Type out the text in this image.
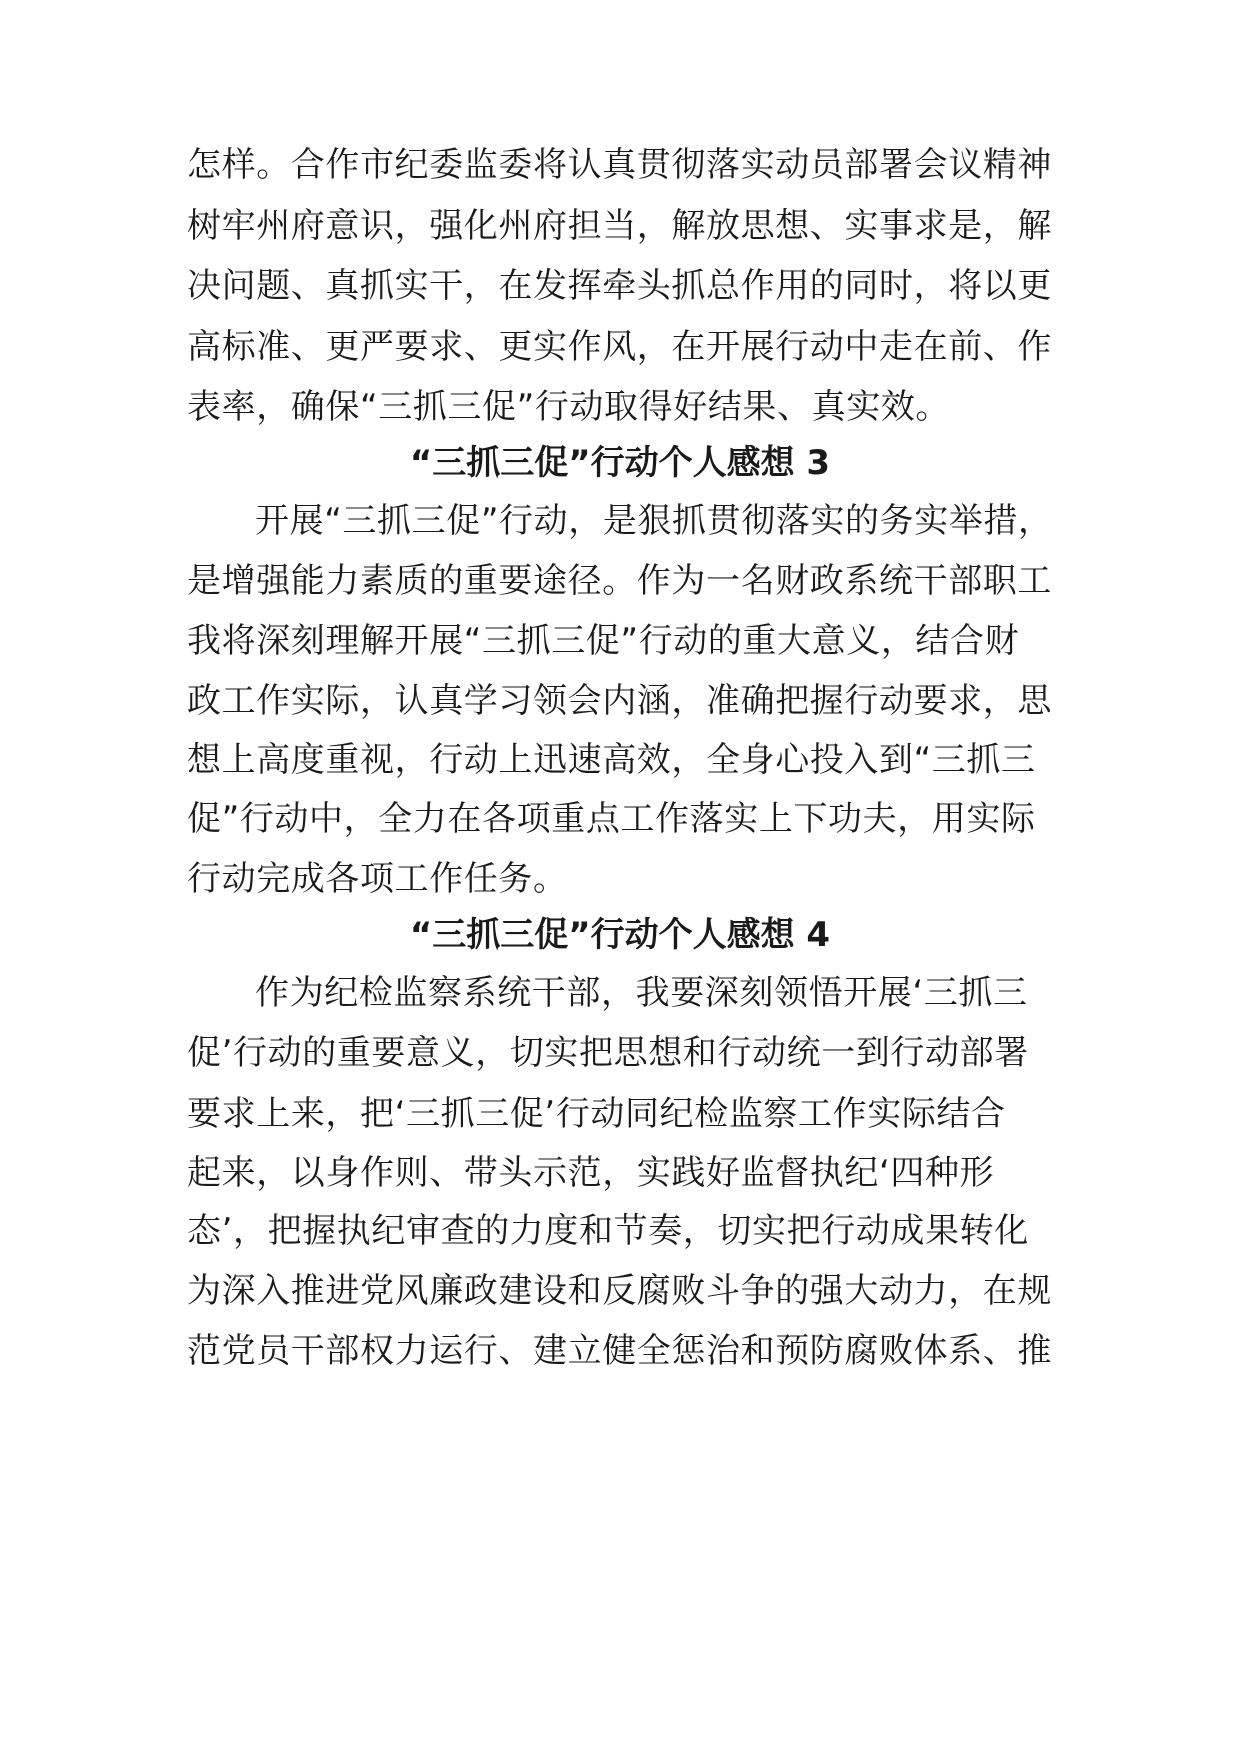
怎样。合作市纪委监委将认真贯彻落实动员部署会议精神
树牢州府意识，强化州府担当，解放思想、实事求是，解
决问题、真抓实干，在发挥牵头抓总作用的同时，将以更
高标准、更严要求、更实作风，在开展行动中走在前、作
表率，确保“三抓三促”行动取得好结果、真实效。
“三抓三促”行动个人感想 3
开展“三抓三促”行动，是狠抓贯彻落实的务实举措，
是增强能力素质的重要途径。作为一名财政系统干部职工
我将深刻理解开展“三抓三促”行动的重大意义，结合财
政工作实际，认真学习领会内涵，准确把握行动要求，思
想上高度重视，行动上迅速高效，全身心投入到“三抓三
促”行动中，全力在各项重点工作落实上下功夫，用实际
行动完成各项工作任务。
“三抓三促”行动个人感想 4
作为纪检监察系统干部，我要深刻领悟开展‘三抓三
促’行动的重要意义，切实把思想和行动统一到行动部署
要求上来，把‘三抓三促’行动同纪检监察工作实际结合
起来，以身作则、带头示范，实践好监督执纪‘四种形
态’，把握执纪审查的力度和节奏，切实把行动成果转化
为深入推进党风廉政建设和反腐败斗争的强大动力，在规
范党员干部权力运行、建立健全惩治和预防腐败体系、推
